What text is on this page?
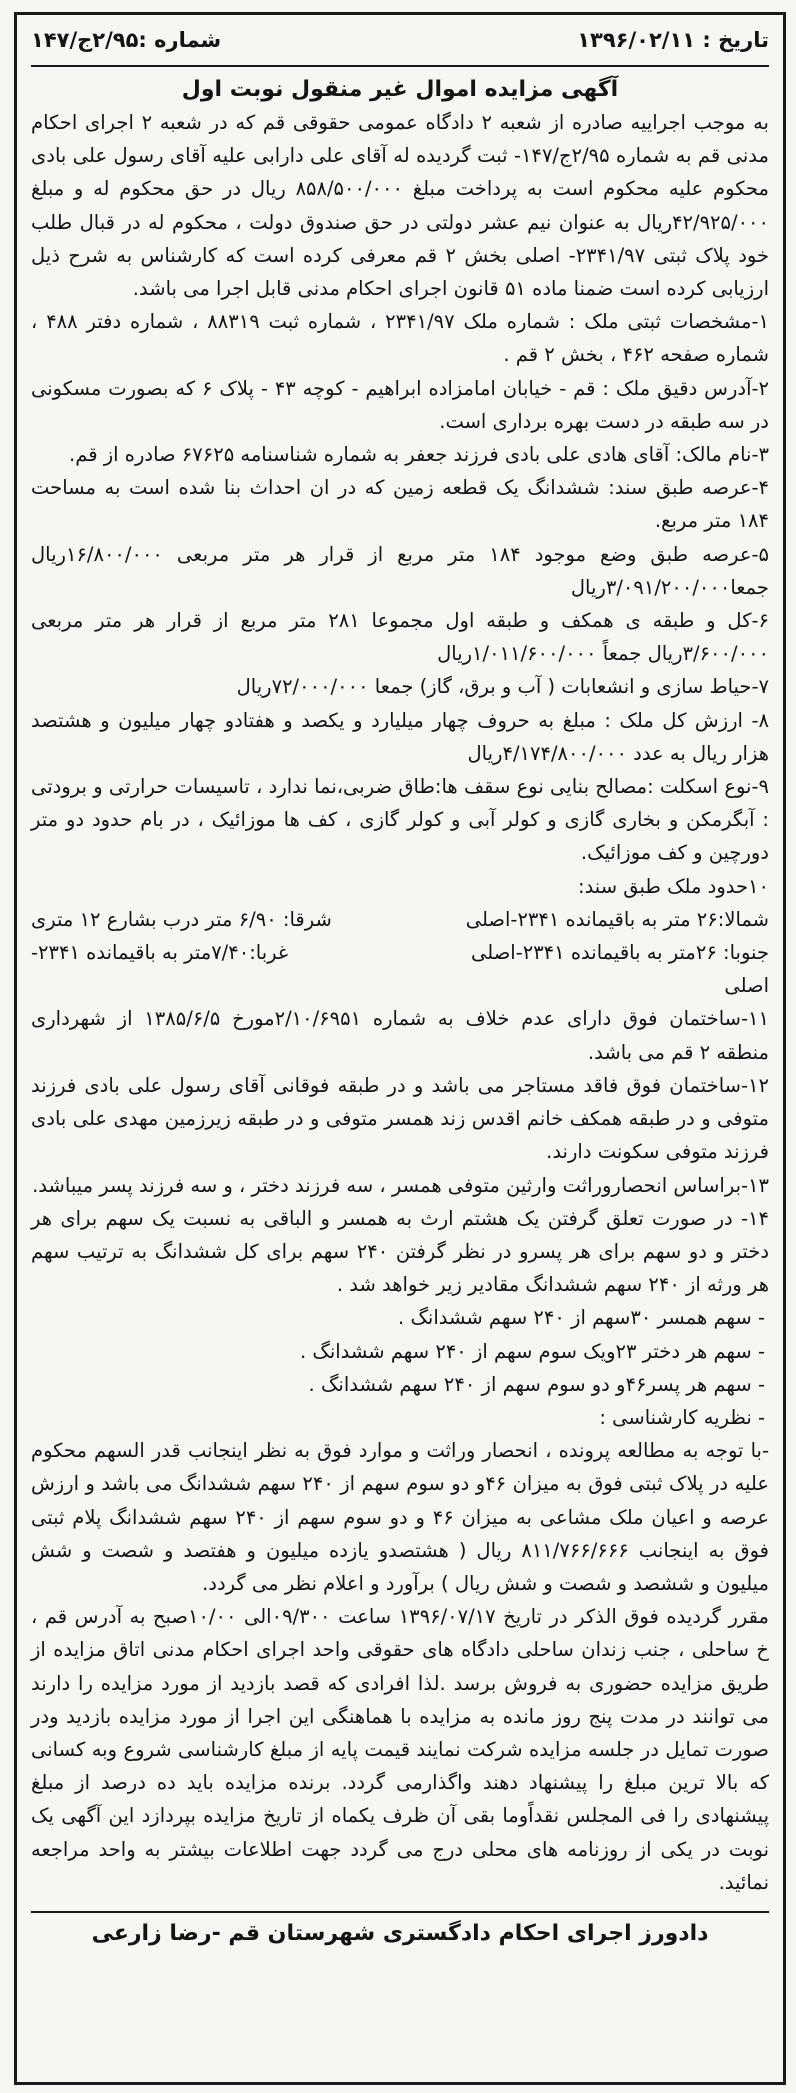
تاریخ : ۱۳۹۶/۰۲/۱۱
شماره :۲/۹۵ج/۱۴۷
آگهی مزایده اموال غیر منقول نوبت اول

به موجب اجراییه صادره از شعبه ۲ دادگاه عمومی حقوقی قم که در شعبه ۲ اجرای احکام مدنی قم به شماره ۲/۹۵ج/۱۴۷- ثبت گردیده له آقای علی دارابی علیه آقای رسول علی بادی محکوم علیه محکوم است به پرداخت مبلغ ۸۵۸/۵۰۰/۰۰۰ ریال در حق محکوم له و مبلغ ۴۲/۹۲۵/۰۰۰ریال به عنوان نیم عشر دولتی در حق صندوق دولت ، محکوم له در قبال طلب خود پلاک ثبتی ۲۳۴۱/۹۷- اصلی بخش ۲ قم معرفی کرده است که کارشناس به شرح ذیل ارزیابی کرده است ضمنا ماده ۵۱ قانون اجرای احکام مدنی قابل اجرا می باشد.

۱-مشخصات ثبتی ملک : شماره ملک ۲۳۴۱/۹۷ ، شماره ثبت ۸۸۳۱۹ ، شماره دفتر ۴۸۸ ، شماره صفحه ۴۶۲ ، بخش ۲ قم .

۲-آدرس دقیق ملک : قم - خیابان امامزاده ابراهیم - کوچه ۴۳ - پلاک ۶ که بصورت مسکونی در سه طبقه در دست بهره برداری است.

۳-نام مالک: آقای هادی علی بادی فرزند جعفر به شماره شناسنامه ۶۷۶۲۵ صادره از قم.

۴-عرصه طبق سند: ششدانگ یک قطعه زمین که در ان احداث بنا شده است به مساحت ۱۸۴ متر مربع.

۵-عرصه طبق وضع موجود ۱۸۴ متر مربع از قرار هر متر مربعی ۱۶/۸۰۰/۰۰۰ریال جمعا۳/۰۹۱/۲۰۰/۰۰۰ریال

۶-کل و طبقه ی همکف و طبقه اول مجموعا ۲۸۱ متر مربع از قرار هر متر مربعی ۳/۶۰۰/۰۰۰ریال جمعاً ۱/۰۱۱/۶۰۰/۰۰۰ریال

۷-حیاط سازی و انشعابات ( آب و برق، گاز) جمعا ۷۲/۰۰۰/۰۰۰ریال

۸- ارزش کل ملک : مبلغ به حروف چهار میلیارد و یکصد و هفتادو چهار میلیون و هشتصد هزار ریال به عدد ۴/۱۷۴/۸۰۰/۰۰۰ریال

۹-نوع اسکلت :مصالح بنایی نوع سقف ها:طاق ضربی،نما ندارد ، تاسیسات حرارتی و برودتی : آبگرمکن و بخاری گازی و کولر آبی و کولر گازی ، کف ها موزائیک ، در بام حدود دو متر دورچین و کف موزائیک.

۱۰حدود ملک طبق سند:

شمالا:۲۶ متر به باقیمانده ۲۳۴۱-اصلی
شرقا: ۶/۹۰ متر درب بشارع ۱۲ متری
جنوبا: ۲۶متر به باقیمانده ۲۳۴۱-اصلی
غربا:۷/۴۰متر به باقیمانده ۲۳۴۱-

اصلی

۱۱-ساختمان فوق دارای عدم خلاف به شماره ۲/۱۰/۶۹۵۱مورخ ۱۳۸۵/۶/۵ از شهرداری منطقه ۲ قم می باشد.

۱۲-ساختمان فوق فاقد مستاجر می باشد و در طبقه فوقانی آقای رسول علی بادی فرزند متوفی و در طبقه همکف خانم اقدس زند همسر متوفی و در طبقه زیرزمین مهدی علی بادی فرزند متوفی سکونت دارند.

۱۳-براساس انحصاروراثت وارثین متوفی همسر ، سه فرزند دختر ، و سه فرزند پسر میباشد.

۱۴- در صورت تعلق گرفتن یک هشتم ارث به همسر و الباقی به نسبت یک سهم برای هر دختر و دو سهم برای هر پسرو در نظر گرفتن ۲۴۰ سهم برای کل ششدانگ به ترتیب سهم هر ورثه از ۲۴۰ سهم ششدانگ مقادیر زیر خواهد شد .

- سهم همسر ۳۰سهم از ۲۴۰ سهم ششدانگ .

- سهم هر دختر ۲۳ویک سوم سهم از ۲۴۰ سهم ششدانگ .

- سهم هر پسر۴۶و دو سوم سهم از ۲۴۰ سهم ششدانگ .

- نظریه کارشناسی :

-با توجه به مطالعه پرونده ، انحصار وراثت و موارد فوق به نظر اینجانب قدر السهم محکوم علیه در پلاک ثبتی فوق به میزان ۴۶و دو سوم سهم از ۲۴۰ سهم ششدانگ می باشد و ارزش عرصه و اعیان ملک مشاعی به میزان ۴۶ و دو سوم سهم از ۲۴۰ سهم ششدانگ پلام ثبتی فوق به اینجانب ۸۱۱/۷۶۶/۶۶۶ ریال ( هشتصدو یازده میلیون و هفتصد و شصت و شش میلیون و ششصد و شصت و شش ریال ) برآورد و اعلام نظر می گردد.

مقرر گردیده فوق الذکر در تاریخ ۱۳۹۶/۰۷/۱۷ ساعت ۰۹/۳۰۰الی ۱۰/۰۰صبح به آدرس قم ، خ ساحلی ، جنب زندان ساحلی دادگاه های حقوقی واحد اجرای احکام مدنی اتاق مزایده از طریق مزایده حضوری به فروش برسد .لذا افرادی که قصد بازدید از مورد مزایده را دارند می توانند در مدت پنج روز مانده به مزایده با هماهنگی این اجرا از مورد مزایده بازدید ودر صورت تمایل در جلسه مزایده شرکت نمایند قیمت پایه از مبلغ کارشناسی شروع وبه کسانی که بالا ترین مبلغ را پیشنهاد دهند واگذارمی گردد. برنده مزایده باید ده درصد از مبلغ پیشنهادی را فی المجلس نقداًوما بقی آن ظرف یکماه از تاریخ مزایده بپردازد این آگهی یک نوبت در یکی از روزنامه های محلی درج می گردد جهت اطلاعات بیشتر به واحد مراجعه نمائید.

دادورز اجرای احکام دادگستری شهرستان قم -رضا زارعی
